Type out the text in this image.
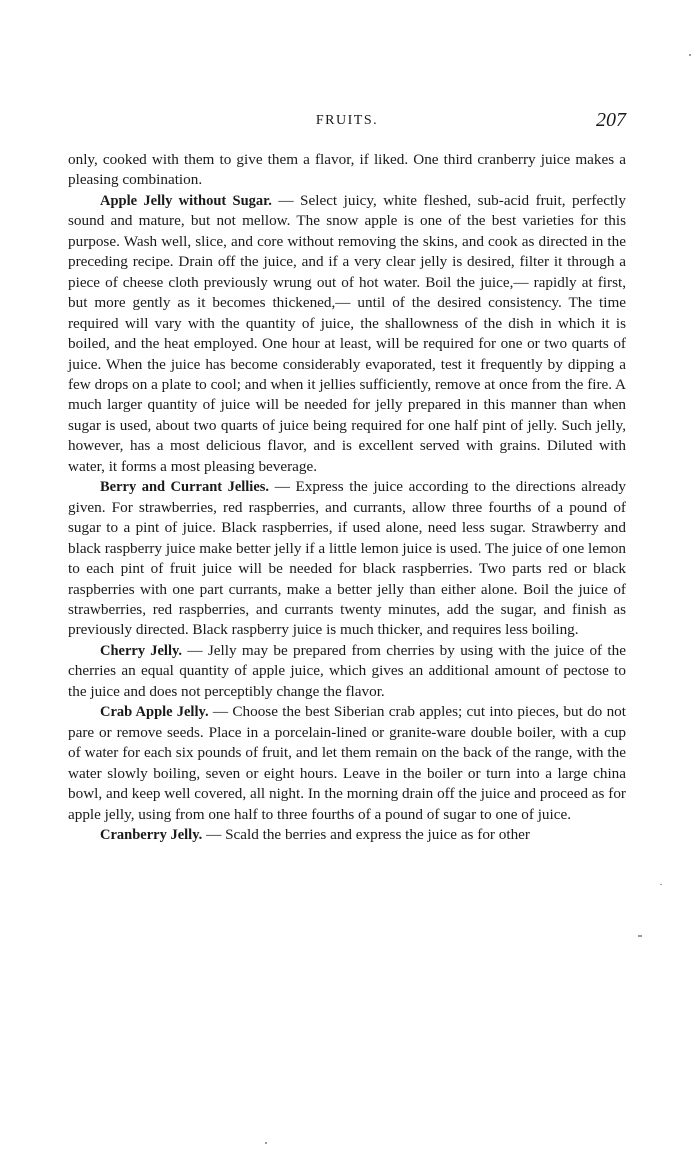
FRUITS.	207

only, cooked with them to give them a flavor, if liked. One third cranberry juice makes a pleasing combination.

Apple Jelly without Sugar. — Select juicy, white fleshed, sub-acid fruit, perfectly sound and mature, but not mellow. The snow apple is one of the best varieties for this purpose. Wash well, slice, and core without removing the skins, and cook as directed in the preceding recipe. Drain off the juice, and if a very clear jelly is desired, filter it through a piece of cheese cloth previously wrung out of hot water. Boil the juice,— rapidly at first, but more gently as it becomes thickened,— until of the desired consistency. The time required will vary with the quantity of juice, the shallowness of the dish in which it is boiled, and the heat employed. One hour at least, will be required for one or two quarts of juice. When the juice has become considerably evaporated, test it frequently by dipping a few drops on a plate to cool; and when it jellies sufficiently, remove at once from the fire. A much larger quantity of juice will be needed for jelly prepared in this manner than when sugar is used, about two quarts of juice being required for one half pint of jelly. Such jelly, however, has a most delicious flavor, and is excellent served with grains. Diluted with water, it forms a most pleasing beverage.

Berry and Currant Jellies. — Express the juice according to the directions already given. For strawberries, red raspberries, and currants, allow three fourths of a pound of sugar to a pint of juice. Black raspberries, if used alone, need less sugar. Strawberry and black raspberry juice make better jelly if a little lemon juice is used. The juice of one lemon to each pint of fruit juice will be needed for black raspberries. Two parts red or black raspberries with one part currants, make a better jelly than either alone. Boil the juice of strawberries, red raspberries, and currants twenty minutes, add the sugar, and finish as previously directed. Black raspberry juice is much thicker, and requires less boiling.

Cherry Jelly. — Jelly may be prepared from cherries by using with the juice of the cherries an equal quantity of apple juice, which gives an additional amount of pectose to the juice and does not perceptibly change the flavor.

Crab Apple Jelly. — Choose the best Siberian crab apples; cut into pieces, but do not pare or remove seeds. Place in a porcelain-lined or granite-ware double boiler, with a cup of water for each six pounds of fruit, and let them remain on the back of the range, with the water slowly boiling, seven or eight hours. Leave in the boiler or turn into a large china bowl, and keep well covered, all night. In the morning drain off the juice and proceed as for apple jelly, using from one half to three fourths of a pound of sugar to one of juice.

Cranberry Jelly. — Scald the berries and express the juice as for other
